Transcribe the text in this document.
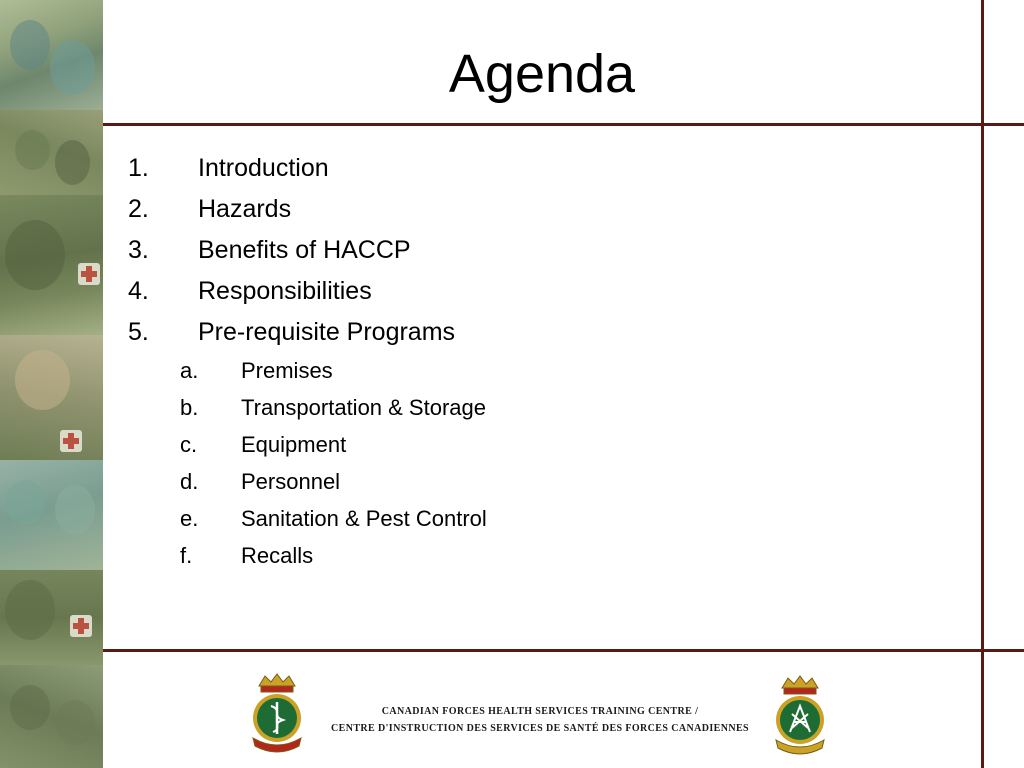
Agenda
1. Introduction
2. Hazards
3. Benefits of HACCP
4. Responsibilities
5. Pre-requisite Programs
a. Premises
b. Transportation & Storage
c. Equipment
d. Personnel
e. Sanitation & Pest Control
f. Recalls
CANADIAN FORCES HEALTH SERVICES TRAINING CENTRE /
CENTRE D'INSTRUCTION DES SERVICES DE SANTÉ DES FORCES CANADIENNES
